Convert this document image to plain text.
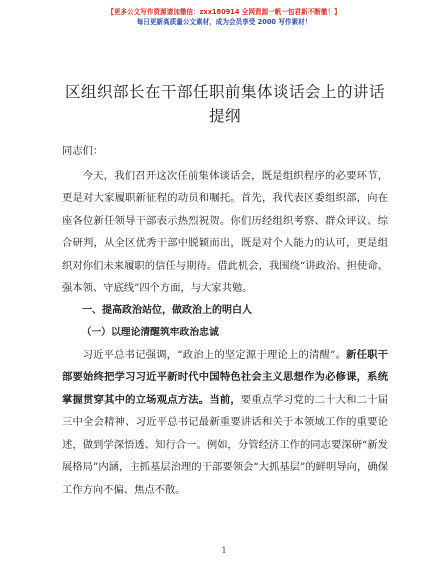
【更多公文写作资源请加微信：zxx180914 全网资源一帆一包君新不断撤！】
每日更新高质量公文素材，成为会员享受 2000 写作素材！
区组织部长在干部任职前集体谈话会上的讲话
提纲

同志们：

今天，我们召开这次任前集体谈话会，既是组织程序的必要环节，更是对大家履职新征程的动员和嘱托。首先，我代表区委组织部，向在座各位新任领导干部表示热烈祝贺。你们历经组织考察、群众评议、综合研判，从全区优秀干部中脱颖而出，既是对个人能力的认可，更是组织对你们未来履职的信任与期待。借此机会，我围绕“讲政治、担使命、强本领、守底线”四个方面，与大家共勉。

一、提高政治站位，做政治上的明白人

（一）以理论清醒筑牢政治忠诚

习近平总书记强调，“政治上的坚定源于理论上的清醒”。新任职干部要始终把学习习近平新时代中国特色社会主义思想作为必修课，系统掌握贯穿其中的立场观点方法。当前，要重点学习党的二十大和二十届三中全会精神、习近平总书记最新重要讲话和关于本领域工作的重要论述，做到学深悟透、知行合一。例如，分管经济工作的同志要深研“新发展格局”内涵，主抓基层治理的干部要领会“大抓基层”的鲜明导向，确保工作方向不偏、焦点不散。

1
